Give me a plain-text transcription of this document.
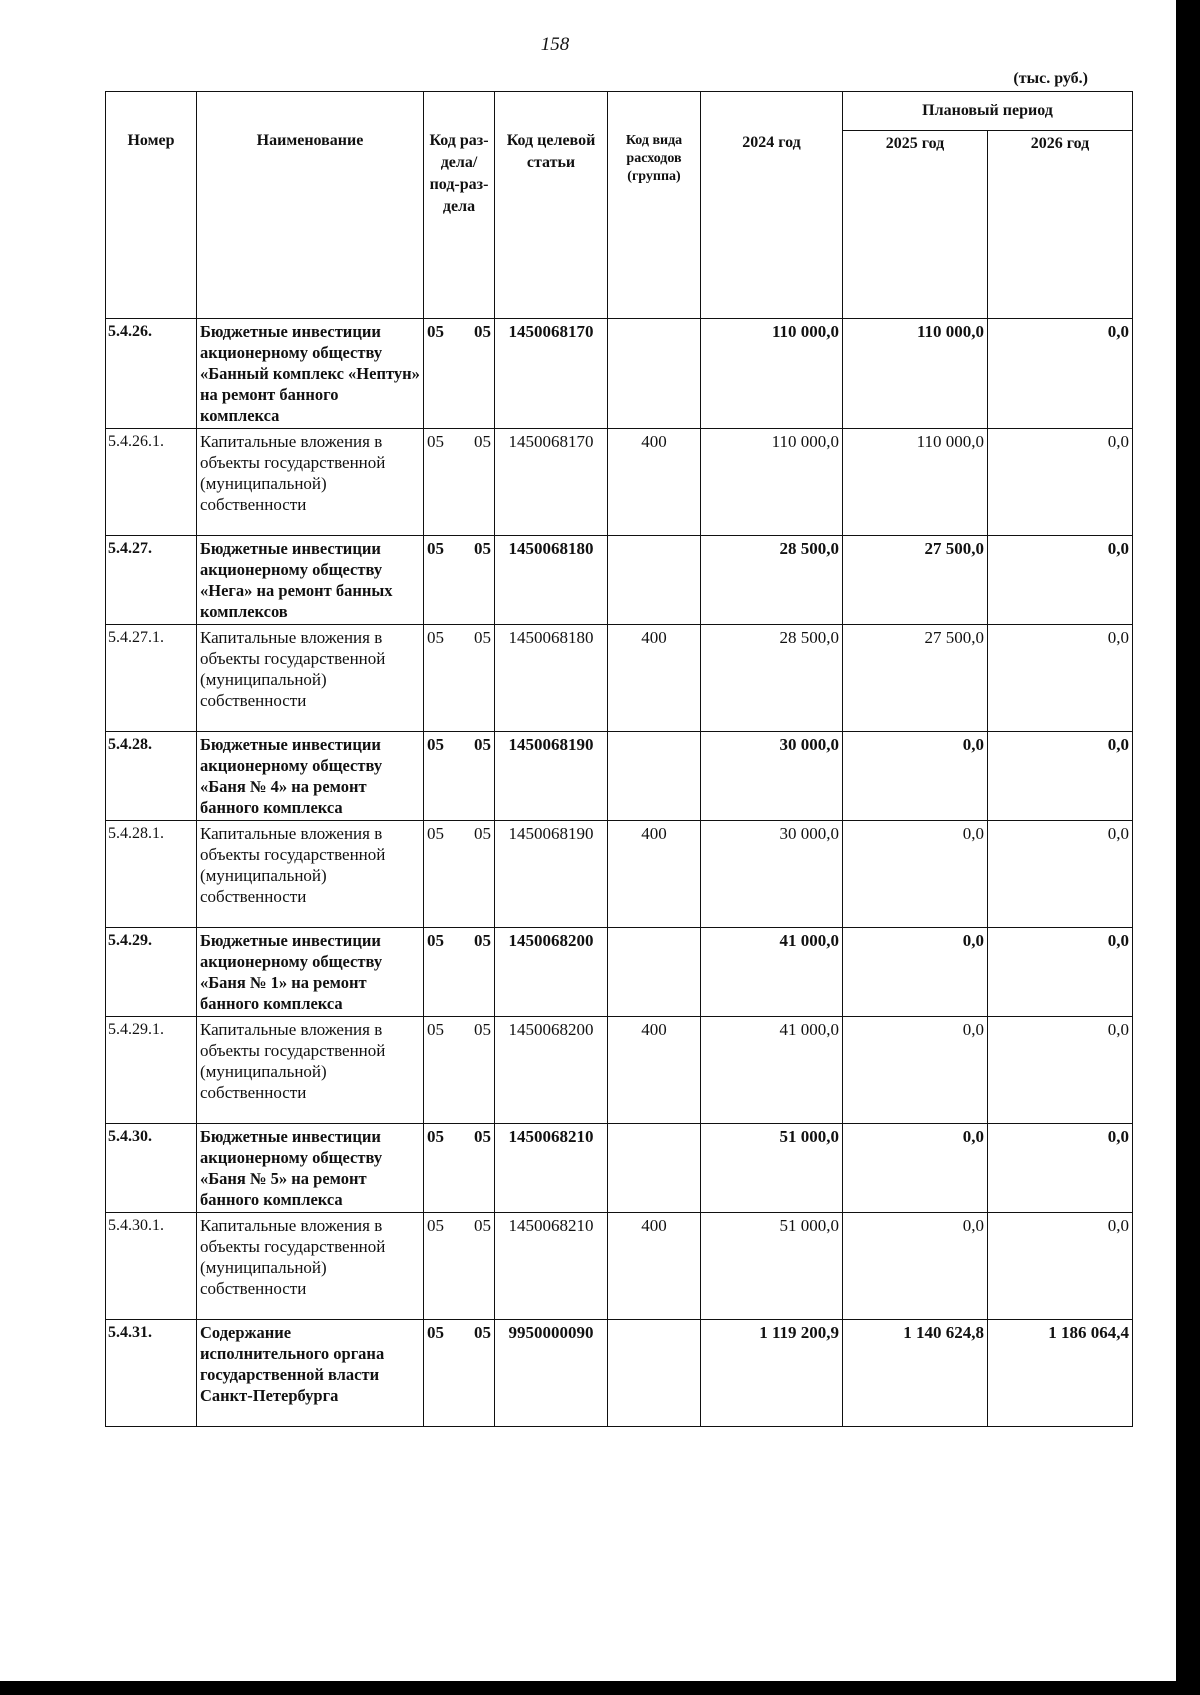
158
(тыс. руб.)
Номер	Наименование	Код раз-дела/ под-раз-дела	Код целевой статьи	Код вида расходов (группа)	2024 год	Плановый период	
						2025 год	2026 год
5.4.26.	Бюджетные инвестиции акционерному обществу «Банный комплекс «Нептун» на ремонт банного комплекса	05 05	1450068170		110 000,0	110 000,0	0,0
5.4.26.1.	Капитальные вложения в объекты государственной (муниципальной) собственности	05 05	1450068170	400	110 000,0	110 000,0	0,0
5.4.27.	Бюджетные инвестиции акционерному обществу «Нега» на ремонт банных комплексов	05 05	1450068180		28 500,0	27 500,0	0,0
5.4.27.1.	Капитальные вложения в объекты государственной (муниципальной) собственности	05 05	1450068180	400	28 500,0	27 500,0	0,0
5.4.28.	Бюджетные инвестиции акционерному обществу «Баня № 4» на ремонт банного комплекса	05 05	1450068190		30 000,0	0,0	0,0
5.4.28.1.	Капитальные вложения в объекты государственной (муниципальной) собственности	05 05	1450068190	400	30 000,0	0,0	0,0
5.4.29.	Бюджетные инвестиции акционерному обществу «Баня № 1» на ремонт банного комплекса	05 05	1450068200		41 000,0	0,0	0,0
5.4.29.1.	Капитальные вложения в объекты государственной (муниципальной) собственности	05 05	1450068200	400	41 000,0	0,0	0,0
5.4.30.	Бюджетные инвестиции акционерному обществу «Баня № 5» на ремонт банного комплекса	05 05	1450068210		51 000,0	0,0	0,0
5.4.30.1.	Капитальные вложения в объекты государственной (муниципальной) собственности	05 05	1450068210	400	51 000,0	0,0	0,0
5.4.31.	Содержание исполнительного органа государственной власти Санкт-Петербурга	05 05	9950000090		1 119 200,9	1 140 624,8	1 186 064,4
